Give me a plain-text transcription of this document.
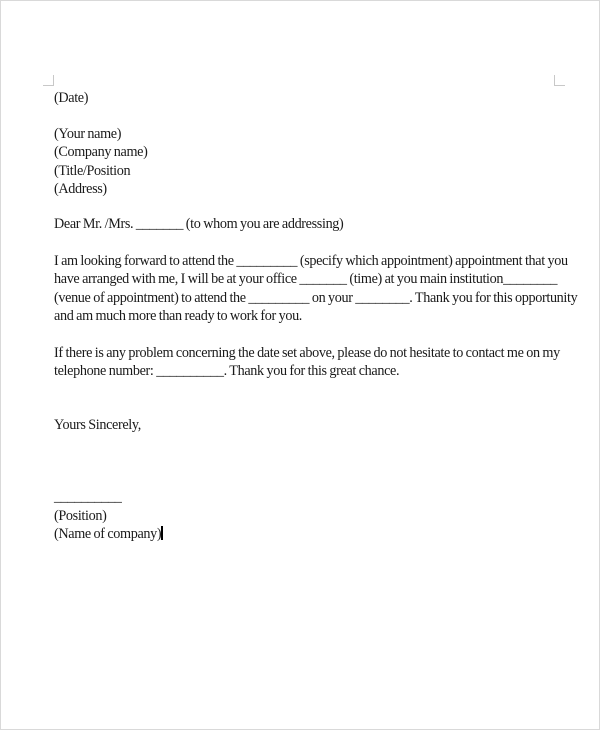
(Date)
(Your name)
(Company name)
(Title/Position
(Address)
Dear Mr. /Mrs. _______ (to whom you are addressing)
I am looking forward to attend the _________ (specify which appointment) appointment that you
have arranged with me, I will be at your office _______ (time) at you main institution________
(venue of appointment) to attend the _________ on your ________. Thank you for this opportunity
and am much more than ready to work for you.
If there is any problem concerning the date set above, please do not hesitate to contact me on my
telephone number: __________. Thank you for this great chance.
Yours Sincerely,
__________
(Position)
(Name of company)
